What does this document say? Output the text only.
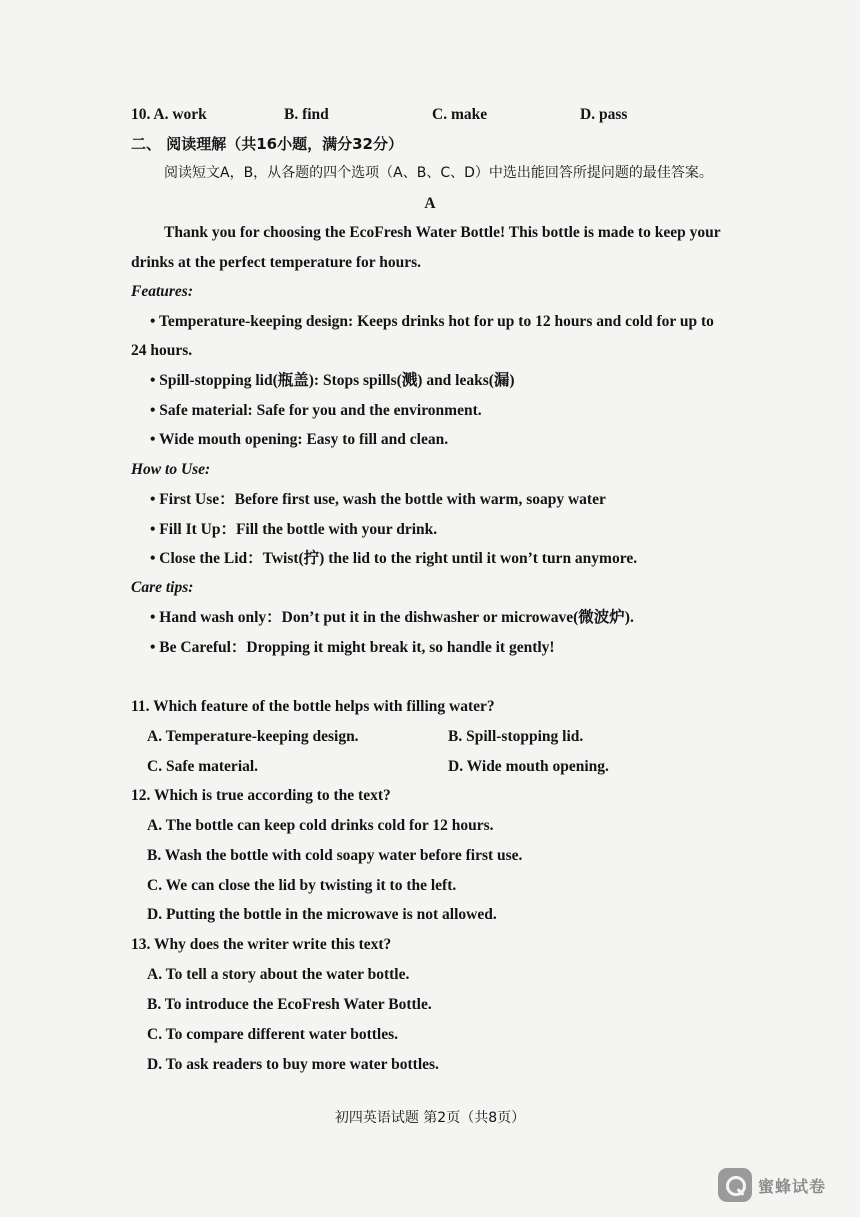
10. A. work	B. find	C. make	D. pass
二、 阅读理解（共16小题，满分32分）
阅读短文A，B，从各题的四个选项（A、B、C、D）中选出能回答所提问题的最佳答案。
A
Thank you for choosing the EcoFresh Water Bottle! This bottle is made to keep your
drinks at the perfect temperature for hours.
Features:
• Temperature-keeping design: Keeps drinks hot for up to 12 hours and cold for up to
24 hours.
• Spill-stopping lid(瓶盖): Stops spills(溅) and leaks(漏)
• Safe material: Safe for you and the environment.
• Wide mouth opening: Easy to fill and clean.
How to Use:
• First Use：Before first use, wash the bottle with warm, soapy water
• Fill It Up：Fill the bottle with your drink.
• Close the Lid：Twist(拧) the lid to the right until it won’t turn anymore.
Care tips:
• Hand wash only：Don’t put it in the dishwasher or microwave(微波炉).
• Be Careful：Dropping it might break it, so handle it gently!
11. Which feature of the bottle helps with filling water?
A. Temperature-keeping design.	B. Spill-stopping lid.
C. Safe material.	D. Wide mouth opening.
12. Which is true according to the text?
A. The bottle can keep cold drinks cold for 12 hours.
B. Wash the bottle with cold soapy water before first use.
C. We can close the lid by twisting it to the left.
D. Putting the bottle in the microwave is not allowed.
13. Why does the writer write this text?
A. To tell a story about the water bottle.
B. To introduce the EcoFresh Water Bottle.
C. To compare different water bottles.
D. To ask readers to buy more water bottles.
初四英语试题 第2页（共8页）
蜜蜂试卷
